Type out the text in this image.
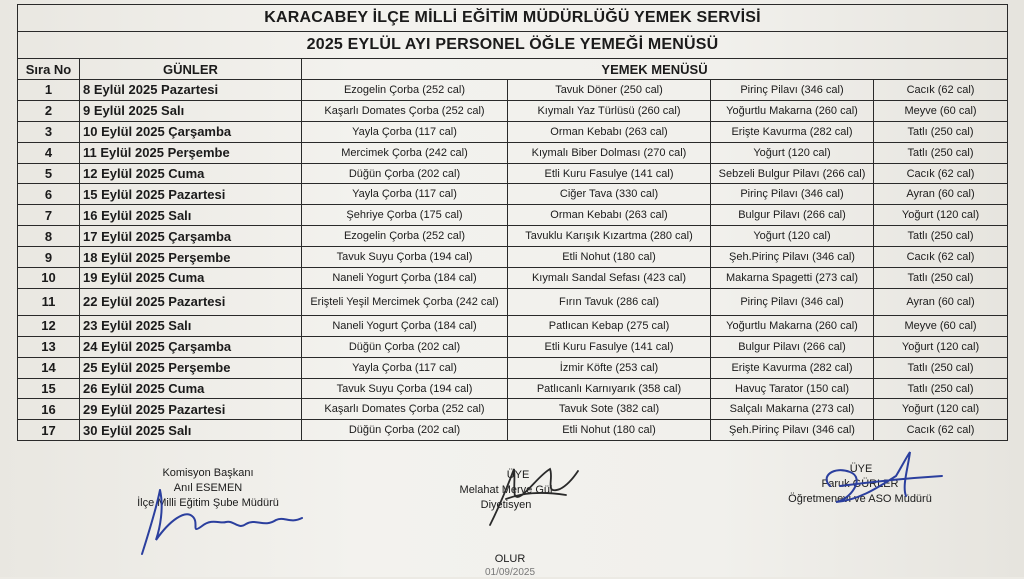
KARACABEY İLÇE MİLLİ EĞİTİM MÜDÜRLÜĞÜ YEMEK SERVİSİ					
2025 EYLÜL AYI PERSONEL ÖĞLE YEMEĞİ MENÜSÜ					
Sıra No	GÜNLER	YEMEK MENÜSÜ			
1	8 Eylül 2025 Pazartesi	Ezogelin Çorba (252 cal)	Tavuk Döner (250 cal)	Pirinç Pilavı (346 cal)	Cacık (62 cal)
2	9 Eylül 2025 Salı	Kaşarlı Domates Çorba (252 cal)	Kıymalı Yaz Türlüsü (260 cal)	Yoğurtlu Makarna (260 cal)	Meyve (60 cal)
3	10 Eylül 2025 Çarşamba	Yayla Çorba (117 cal)	Orman Kebabı (263 cal)	Erişte Kavurma (282 cal)	Tatlı (250 cal)
4	11 Eylül 2025 Perşembe	Mercimek Çorba (242 cal)	Kıymalı Biber Dolması (270 cal)	Yoğurt (120 cal)	Tatlı (250 cal)
5	12 Eylül 2025 Cuma	Düğün Çorba (202 cal)	Etli Kuru Fasulye (141 cal)	Sebzeli Bulgur Pilavı (266 cal)	Cacık (62 cal)
6	15 Eylül 2025 Pazartesi	Yayla Çorba (117 cal)	Ciğer Tava (330 cal)	Pirinç Pilavı (346 cal)	Ayran (60 cal)
7	16 Eylül 2025 Salı	Şehriye Çorba (175 cal)	Orman Kebabı (263 cal)	Bulgur Pilavı (266 cal)	Yoğurt (120 cal)
8	17 Eylül 2025 Çarşamba	Ezogelin Çorba (252 cal)	Tavuklu Karışık Kızartma (280 cal)	Yoğurt (120 cal)	Tatlı (250 cal)
9	18 Eylül 2025 Perşembe	Tavuk Suyu Çorba (194 cal)	Etli Nohut (180 cal)	Şeh.Pirinç Pilavı (346 cal)	Cacık (62 cal)
10	19 Eylül 2025 Cuma	Naneli Yogurt Çorba (184 cal)	Kıymalı Sandal Sefası (423 cal)	Makarna Spagetti (273 cal)	Tatlı (250 cal)
11	22 Eylül 2025 Pazartesi	Erişteli Yeşil Mercimek Çorba (242 cal)	Fırın Tavuk (286 cal)	Pirinç Pilavı (346 cal)	Ayran (60 cal)
12	23 Eylül 2025 Salı	Naneli Yogurt Çorba (184 cal)	Patlıcan Kebap (275 cal)	Yoğurtlu Makarna (260 cal)	Meyve (60 cal)
13	24 Eylül 2025 Çarşamba	Düğün Çorba (202 cal)	Etli Kuru Fasulye (141 cal)	Bulgur Pilavı (266 cal)	Yoğurt (120 cal)
14	25 Eylül 2025 Perşembe	Yayla Çorba (117 cal)	İzmir Köfte (253 cal)	Erişte Kavurma (282 cal)	Tatlı (250 cal)
15	26 Eylül 2025 Cuma	Tavuk Suyu Çorba (194 cal)	Patlıcanlı Karnıyarık (358 cal)	Havuç Tarator (150 cal)	Tatlı (250 cal)
16	29 Eylül 2025 Pazartesi	Kaşarlı Domates Çorba (252 cal)	Tavuk Sote (382 cal)	Salçalı Makarna (273 cal)	Yoğurt (120 cal)
17	30 Eylül 2025 Salı	Düğün Çorba (202 cal)	Etli Nohut (180 cal)	Şeh.Pirinç Pilavı (346 cal)	Cacık (62 cal)
Komisyon Başkanı
Anıl ESEMEN
İlçe Milli Eğitim Şube Müdürü
ÜYE
Melahat Merve Gül
Diyetisyen
ÜYE
Faruk GÜRLER
Öğretmenevi ve ASO Müdürü
OLUR
01/09/2025
